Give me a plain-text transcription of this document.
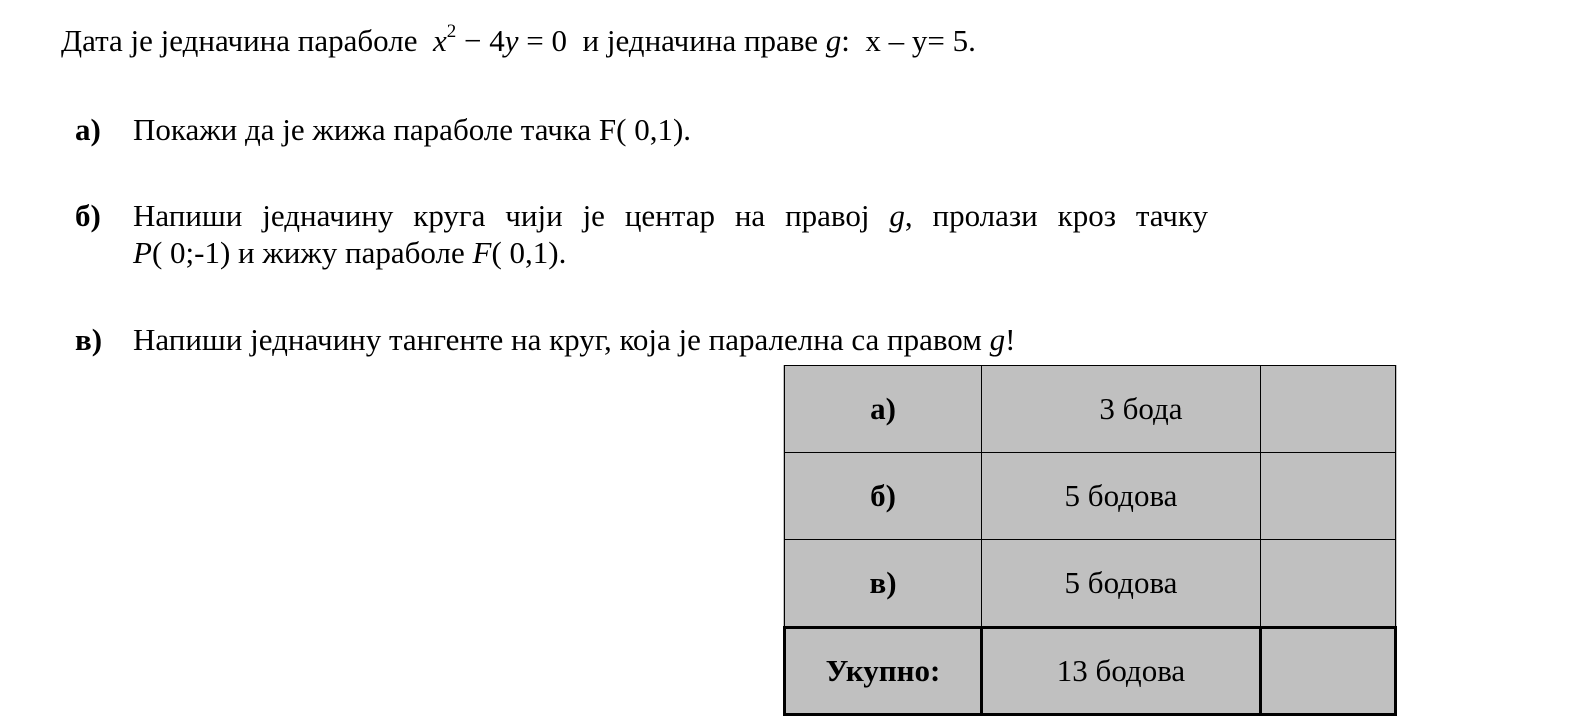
Дата је једначина параболе $x^2 - 4y = 0$ и једначина праве g:  x – y= 5.
а) Покажи да је жижа параболе тачка F( 0,1).
б) Напиши једначину круга чији је центар на правој g, пролази кроз тачку
P( 0;-1) и жижу параболе F( 0,1).
в) Напиши једначину тангенте на круг, која је паралелна са правом g!
а)	3 бода	
б)	5 бодова	
в)	5 бодова	
Укупно:	13 бодова	
